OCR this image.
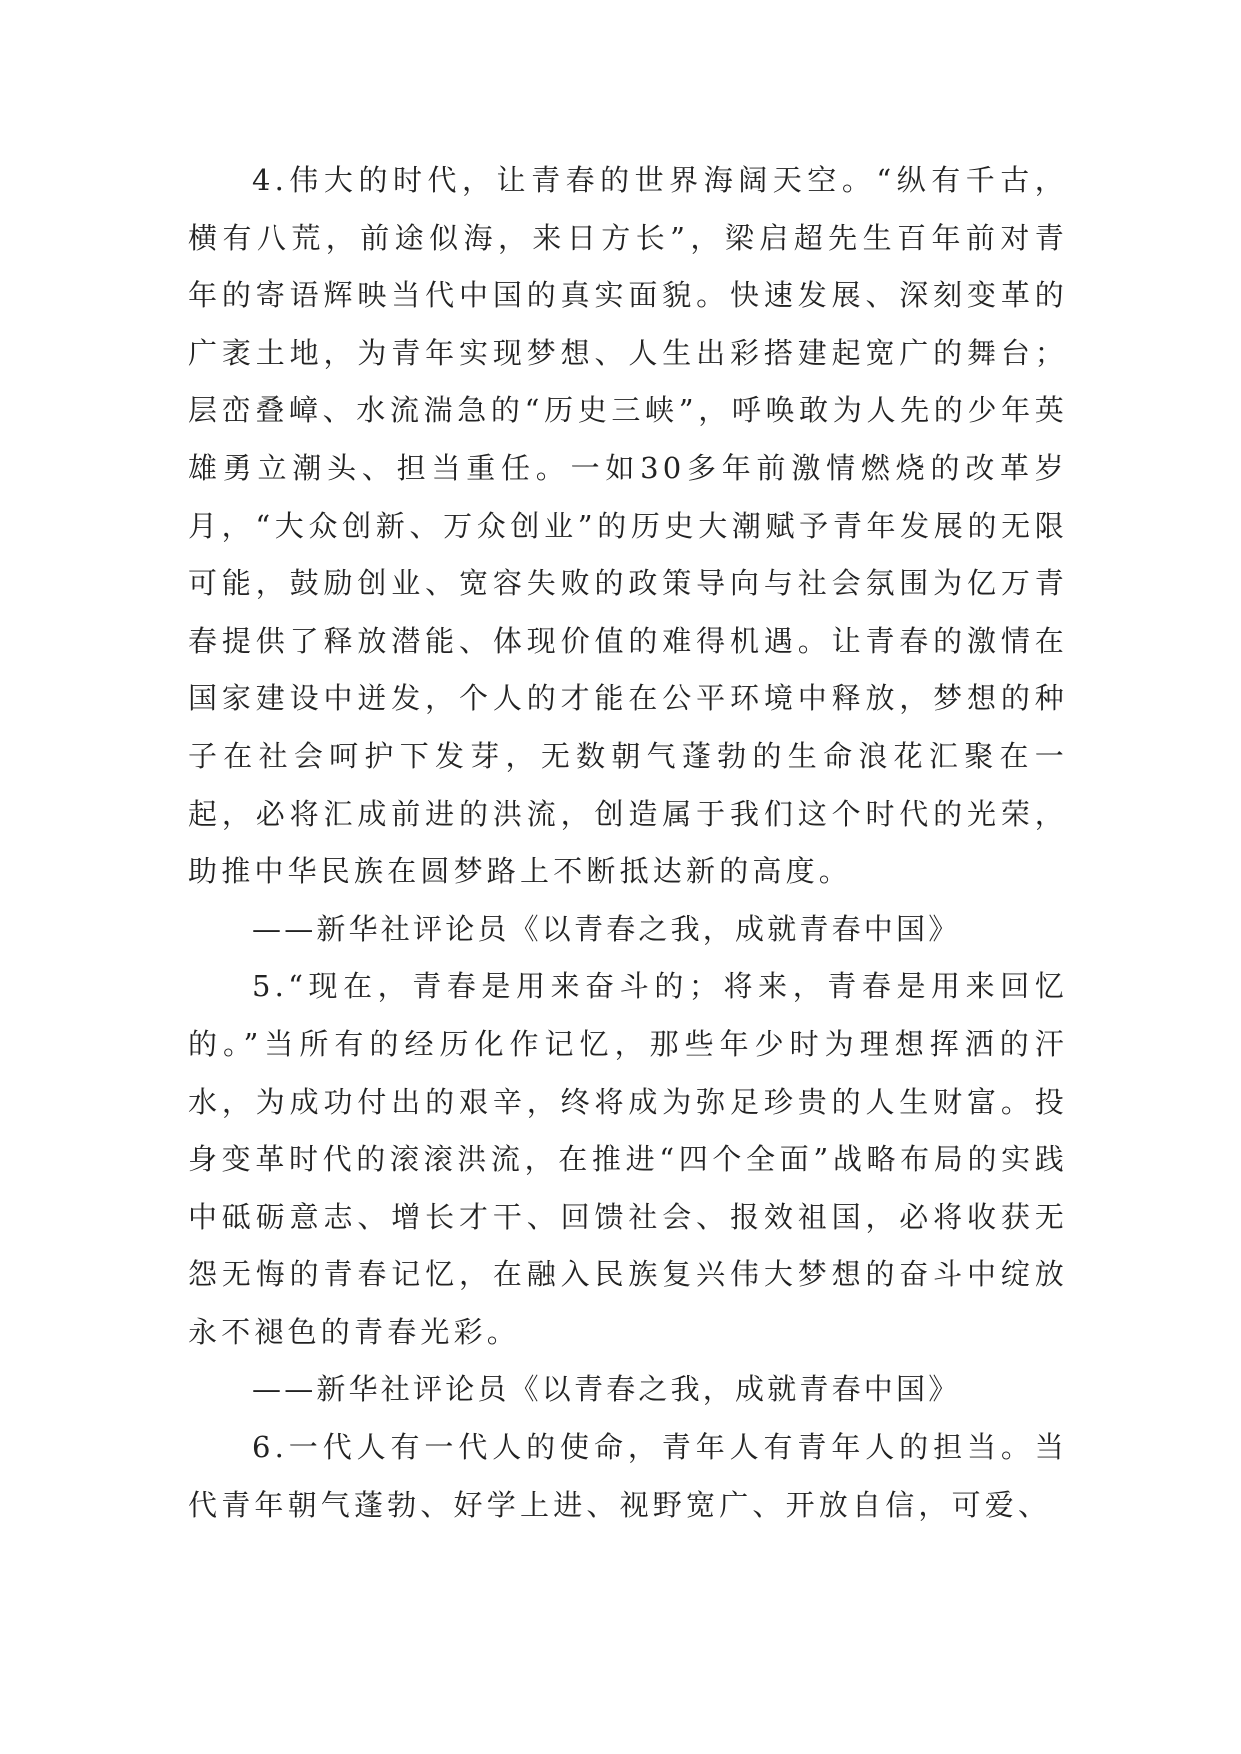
4.伟大的时代，让青春的世界海阔天空。“纵有千古，横有八荒，前途似海，来日方长”，梁启超先生百年前对青年的寄语辉映当代中国的真实面貌。快速发展、深刻变革的广袤土地，为青年实现梦想、人生出彩搭建起宽广的舞台；层峦叠嶂、水流湍急的“历史三峡”，呼唤敢为人先的少年英雄勇立潮头、担当重任。一如30多年前激情燃烧的改革岁月，“大众创新、万众创业”的历史大潮赋予青年发展的无限可能，鼓励创业、宽容失败的政策导向与社会氛围为亿万青春提供了释放潜能、体现价值的难得机遇。让青春的激情在国家建设中迸发，个人的才能在公平环境中释放，梦想的种子在社会呵护下发芽，无数朝气蓬勃的生命浪花汇聚在一起，必将汇成前进的洪流，创造属于我们这个时代的光荣，助推中华民族在圆梦路上不断抵达新的高度。

——新华社评论员《以青春之我，成就青春中国》

5.“现在，青春是用来奋斗的；将来，青春是用来回忆的。”当所有的经历化作记忆，那些年少时为理想挥洒的汗水，为成功付出的艰辛，终将成为弥足珍贵的人生财富。投身变革时代的滚滚洪流，在推进“四个全面”战略布局的实践中砥砺意志、增长才干、回馈社会、报效祖国，必将收获无怨无悔的青春记忆，在融入民族复兴伟大梦想的奋斗中绽放永不褪色的青春光彩。

——新华社评论员《以青春之我，成就青春中国》

6.一代人有一代人的使命，青年人有青年人的担当。当代青年朝气蓬勃、好学上进、视野宽广、开放自信，可爱、
